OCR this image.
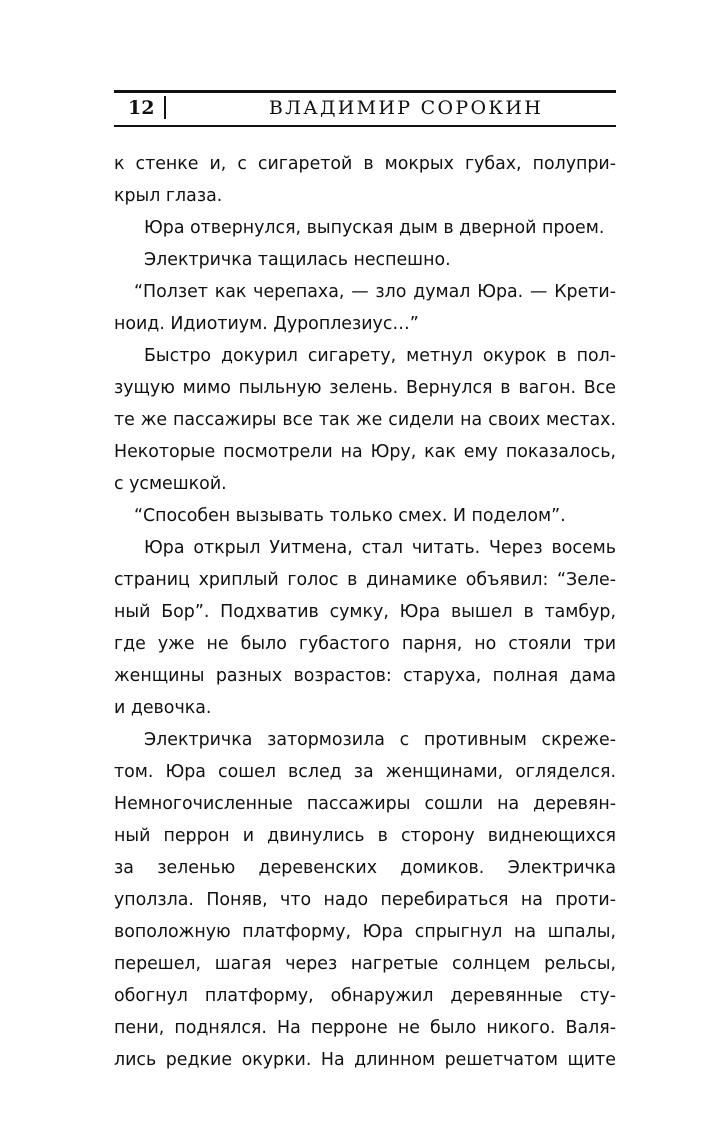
12	ВЛАДИМИР СОРОКИН

к стенке и, с сигаретой в мокрых губах, полупри-

крыл глаза.

Юра отвернулся, выпуская дым в дверной проем.

Электричка тащилась неспешно.

“Ползет как черепаха, — зло думал Юра. — Крети-

ноид. Идиотиум. Дуроплезиус…”

Быстро докурил сигарету, метнул окурок в пол-

зущую мимо пыльную зелень. Вернулся в вагон. Все

те же пассажиры все так же сидели на своих местах.

Некоторые посмотрели на Юру, как ему показалось,

с усмешкой.

“Способен вызывать только смех. И поделом”.

Юра открыл Уитмена, стал читать. Через восемь

страниц хриплый голос в динамике объявил: “Зеле-

ный Бор”. Подхватив сумку, Юра вышел в тамбур,

где уже не было губастого парня, но стояли три

женщины разных возрастов: старуха, полная дама

и девочка.

Электричка затормозила с противным скреже-

том. Юра сошел вслед за женщинами, огляделся.

Немногочисленные пассажиры сошли на деревян-

ный перрон и двинулись в сторону виднеющихся

за зеленью деревенских домиков. Электричка

уползла. Поняв, что надо перебираться на проти-

воположную платформу, Юра спрыгнул на шпалы,

перешел, шагая через нагретые солнцем рельсы,

обогнул платформу, обнаружил деревянные сту-

пени, поднялся. На перроне не было никого. Валя-

лись редкие окурки. На длинном решетчатом щите
